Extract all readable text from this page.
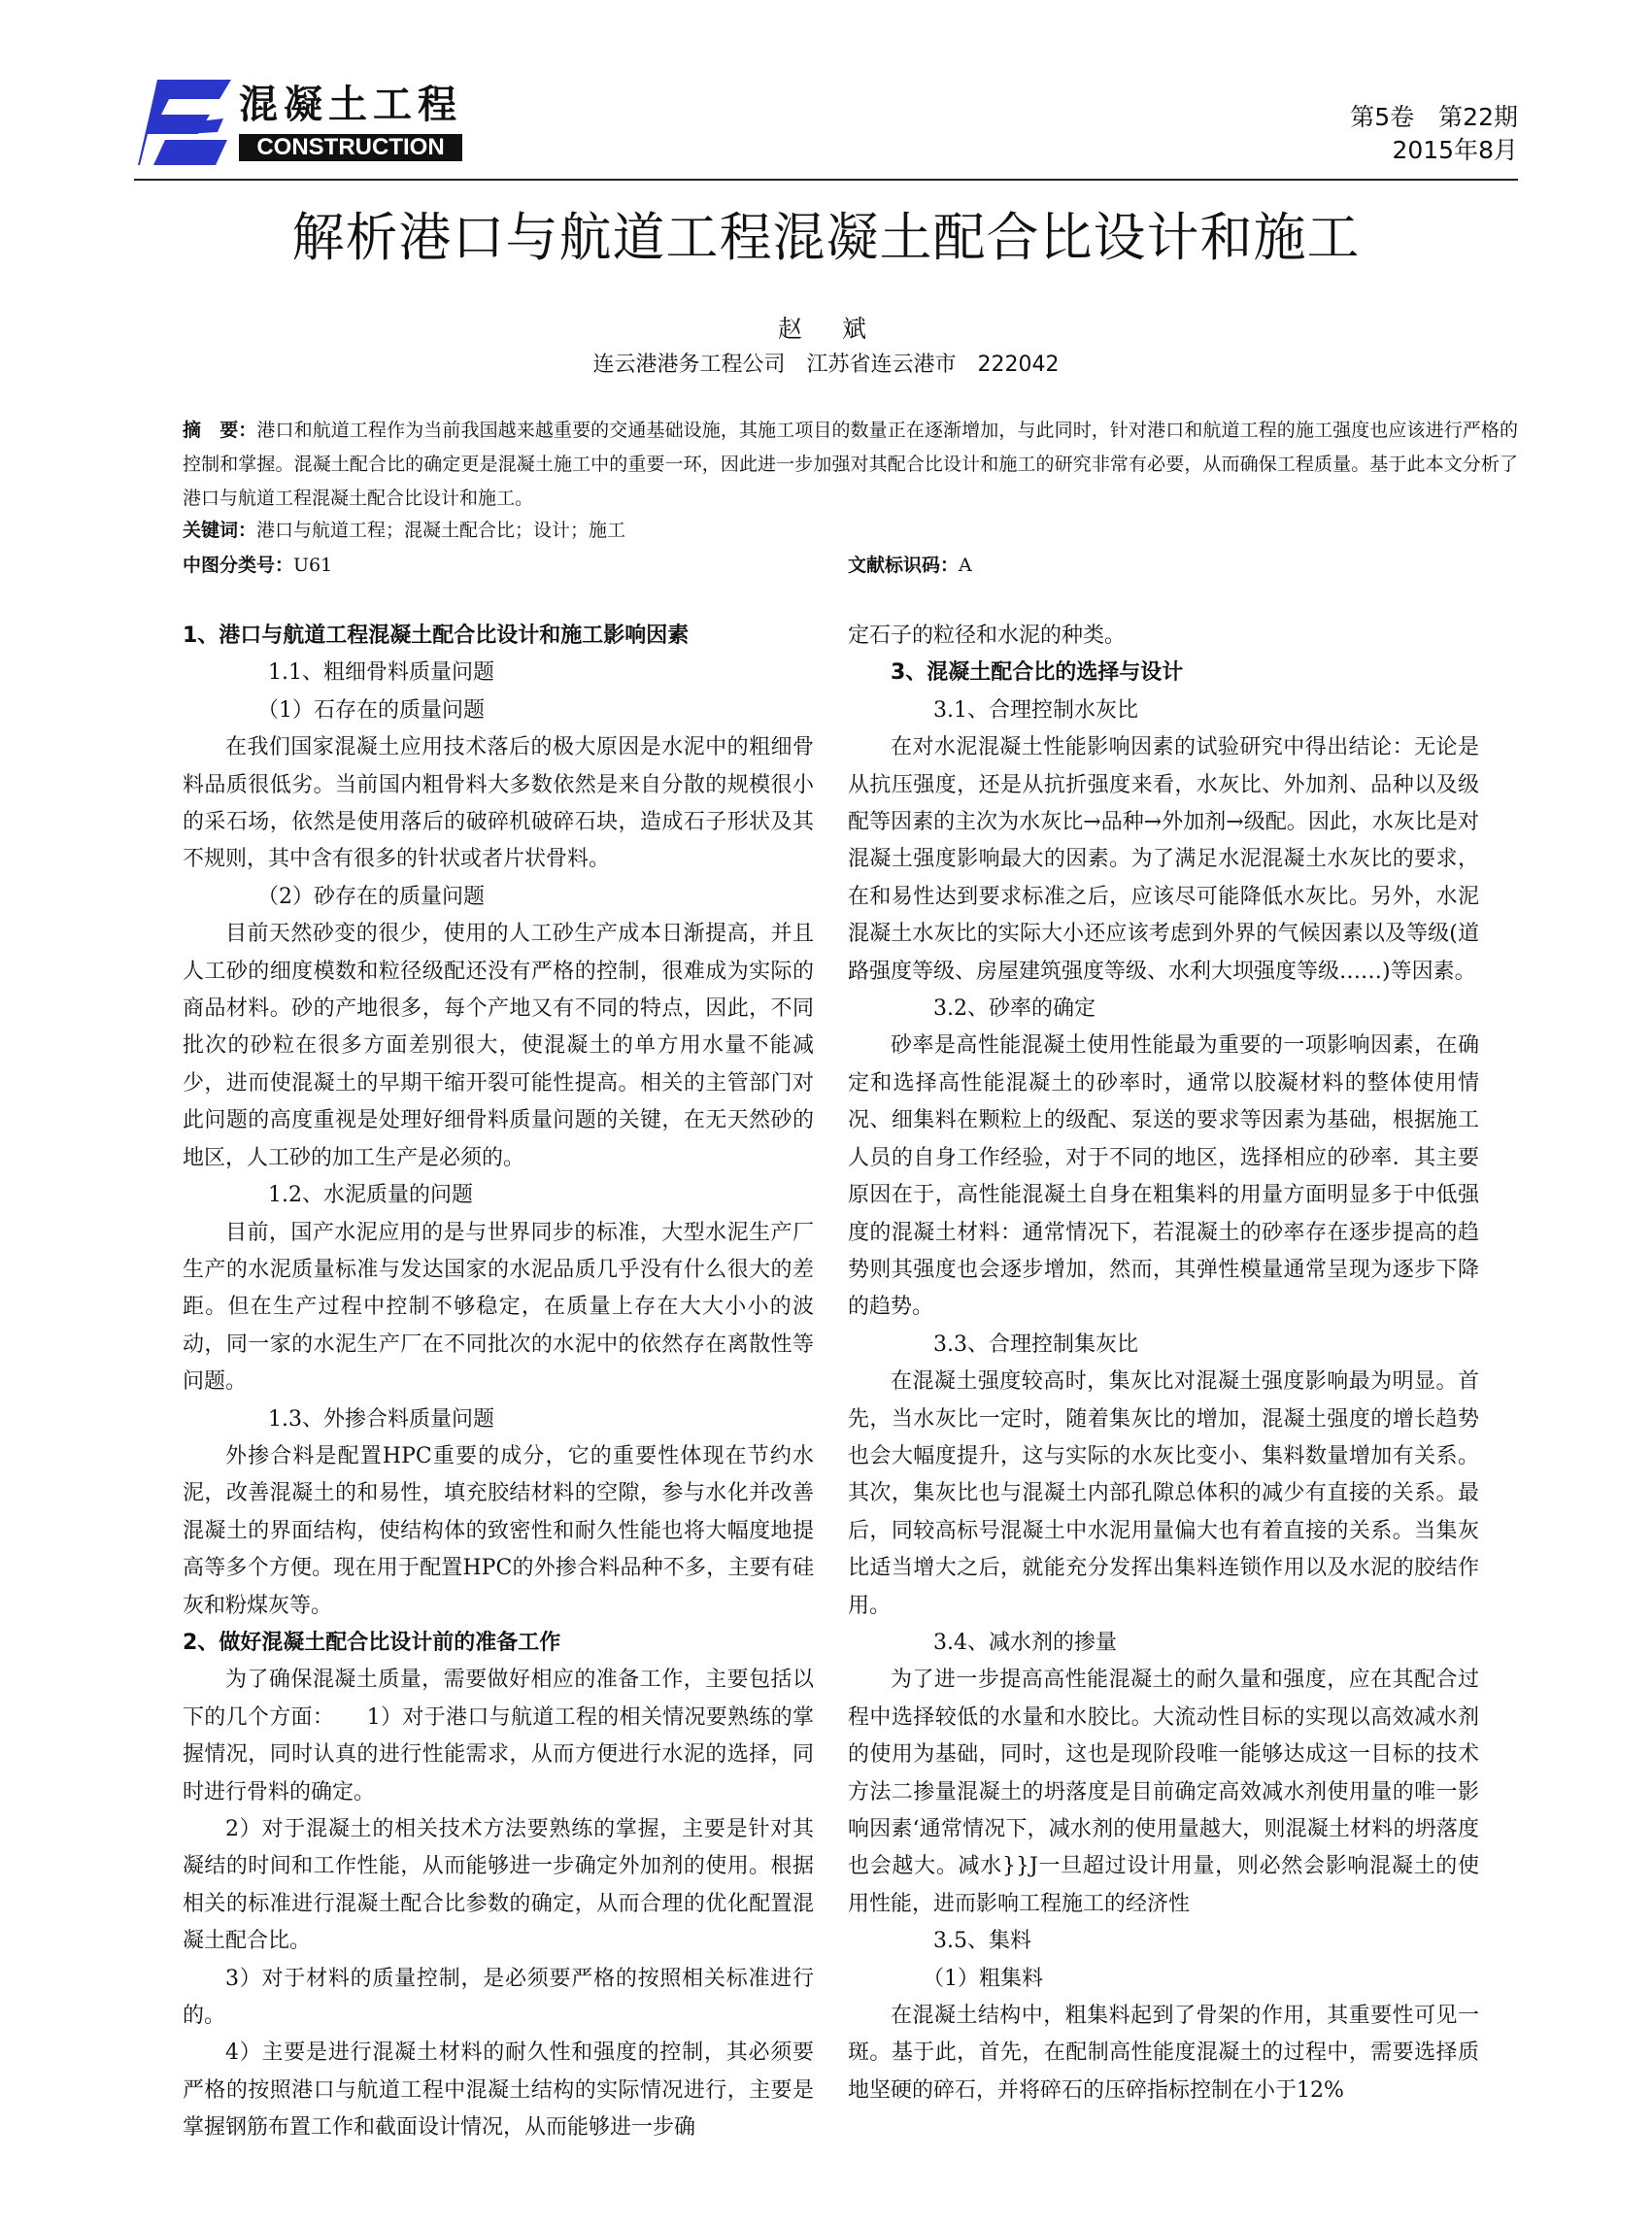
混凝土工程
CONSTRUCTION
第5卷　第22期
2015年8月
解析港口与航道工程混凝土配合比设计和施工
赵　斌
连云港港务工程公司　江苏省连云港市　222042
摘　要：港口和航道工程作为当前我国越来越重要的交通基础设施，其施工项目的数量正在逐渐增加，与此同时，针对港口和航道工程的施工强度也应该进行严格的控制和掌握。混凝土配合比的确定更是混凝土施工中的重要一环，因此进一步加强对其配合比设计和施工的研究非常有必要，从而确保工程质量。基于此本文分析了港口与航道工程混凝土配合比设计和施工。
关键词：港口与航道工程；混凝土配合比；设计；施工
中图分类号：U61	文献标识码：A
1、港口与航道工程混凝土配合比设计和施工影响因素

1.1、粗细骨料质量问题

（1）石存在的质量问题

在我们国家混凝土应用技术落后的极大原因是水泥中的粗细骨料品质很低劣。当前国内粗骨料大多数依然是来自分散的规模很小的采石场，依然是使用落后的破碎机破碎石块，造成石子形状及其不规则，其中含有很多的针状或者片状骨料。

（2）砂存在的质量问题

目前天然砂变的很少，使用的人工砂生产成本日渐提高，并且人工砂的细度模数和粒径级配还没有严格的控制，很难成为实际的商品材料。砂的产地很多，每个产地又有不同的特点，因此，不同批次的砂粒在很多方面差别很大，使混凝土的单方用水量不能减少，进而使混凝土的早期干缩开裂可能性提高。相关的主管部门对此问题的高度重视是处理好细骨料质量问题的关键，在无天然砂的地区，人工砂的加工生产是必须的。

1.2、水泥质量的问题

目前，国产水泥应用的是与世界同步的标准，大型水泥生产厂生产的水泥质量标准与发达国家的水泥品质几乎没有什么很大的差距。但在生产过程中控制不够稳定，在质量上存在大大小小的波动，同一家的水泥生产厂在不同批次的水泥中的依然存在离散性等问题。

1.3、外掺合料质量问题

外掺合料是配置HPC重要的成分，它的重要性体现在节约水泥，改善混凝土的和易性，填充胶结材料的空隙，参与水化并改善混凝土的界面结构，使结构体的致密性和耐久性能也将大幅度地提高等多个方便。现在用于配置HPC的外掺合料品种不多，主要有硅灰和粉煤灰等。

2、做好混凝土配合比设计前的准备工作

为了确保混凝土质量，需要做好相应的准备工作，主要包括以下的几个方面：　　1）对于港口与航道工程的相关情况要熟练的掌握情况，同时认真的进行性能需求，从而方便进行水泥的选择，同时进行骨料的确定。

2）对于混凝土的相关技术方法要熟练的掌握，主要是针对其凝结的时间和工作性能，从而能够进一步确定外加剂的使用。根据相关的标准进行混凝土配合比参数的确定，从而合理的优化配置混凝土配合比。

3）对于材料的质量控制，是必须要严格的按照相关标准进行的。

4）主要是进行混凝土材料的耐久性和强度的控制，其必须要严格的按照港口与航道工程中混凝土结构的实际情况进行，主要是掌握钢筋布置工作和截面设计情况，从而能够进一步确

定石子的粒径和水泥的种类。

3、混凝土配合比的选择与设计

3.1、合理控制水灰比

在对水泥混凝土性能影响因素的试验研究中得出结论：无论是从抗压强度，还是从抗折强度来看，水灰比、外加剂、品种以及级配等因素的主次为水灰比→品种→外加剂→级配。因此，水灰比是对混凝土强度影响最大的因素。为了满足水泥混凝土水灰比的要求，在和易性达到要求标准之后，应该尽可能降低水灰比。另外，水泥混凝土水灰比的实际大小还应该考虑到外界的气候因素以及等级(道路强度等级、房屋建筑强度等级、水利大坝强度等级……)等因素。

3.2、砂率的确定

砂率是高性能混凝土使用性能最为重要的一项影响因素，在确定和选择高性能混凝土的砂率时，通常以胶凝材料的整体使用情况、细集料在颗粒上的级配、泵送的要求等因素为基础，根据施工人员的自身工作经验，对于不同的地区，选择相应的砂率．其主要原因在于，高性能混凝土自身在粗集料的用量方面明显多于中低强度的混凝土材料：通常情况下，若混凝土的砂率存在逐步提高的趋势则其强度也会逐步增加，然而，其弹性模量通常呈现为逐步下降的趋势。

3.3、合理控制集灰比

在混凝土强度较高时，集灰比对混凝土强度影响最为明显。首先，当水灰比一定时，随着集灰比的增加，混凝土强度的增长趋势也会大幅度提升，这与实际的水灰比变小、集料数量增加有关系。其次，集灰比也与混凝土内部孔隙总体积的减少有直接的关系。最后，同较高标号混凝土中水泥用量偏大也有着直接的关系。当集灰比适当增大之后，就能充分发挥出集料连锁作用以及水泥的胶结作用。

3.4、减水剂的掺量

为了进一步提高高性能混凝土的耐久量和强度，应在其配合过程中选择较低的水量和水胶比。大流动性目标的实现以高效减水剂的使用为基础，同时，这也是现阶段唯一能够达成这一目标的技术方法二掺量混凝土的坍落度是目前确定高效减水剂使用量的唯一影响因素‘通常情况下，减水剂的使用量越大，则混凝土材料的坍落度也会越大。减水}}J一旦超过设计用量，则必然会影响混凝土的使用性能，进而影响工程施工的经济性

3.5、集料

（1）粗集料

在混凝土结构中，粗集料起到了骨架的作用，其重要性可见一斑。基于此，首先，在配制高性能度混凝土的过程中，需要选择质地坚硬的碎石，并将碎石的压碎指标控制在小于12%
